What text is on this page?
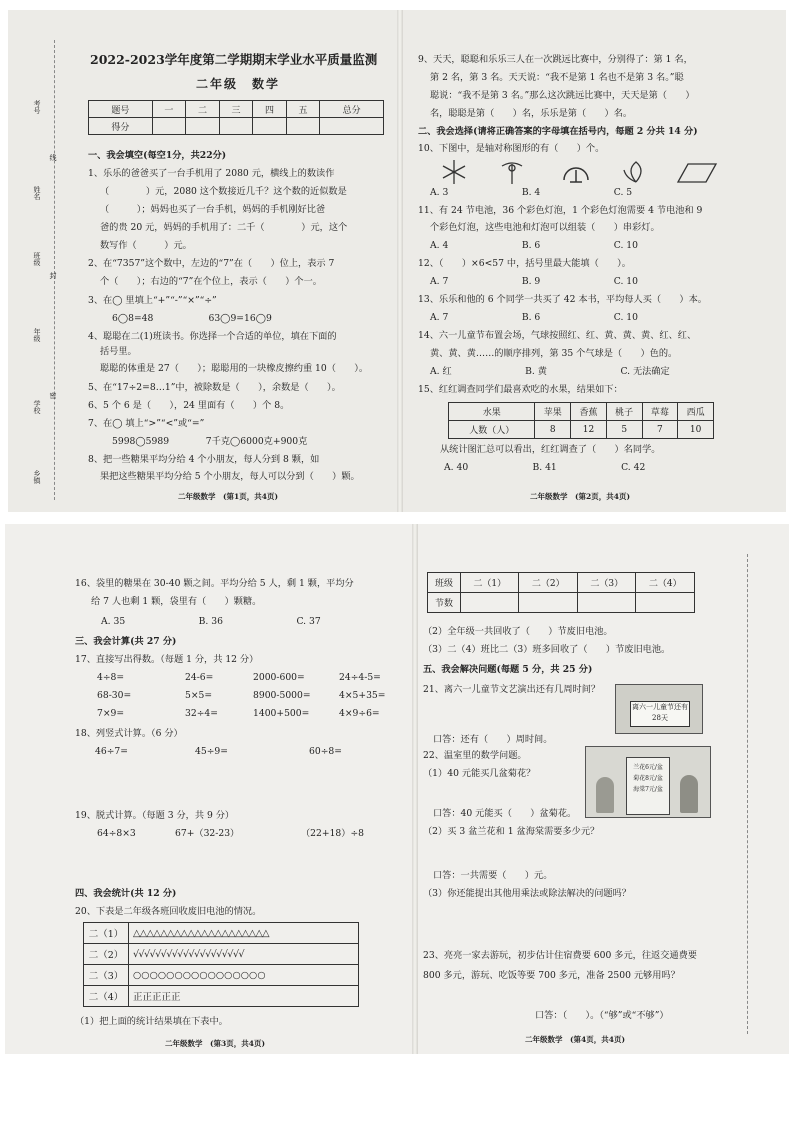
考号
姓名
班级
年级
学校
乡镇
线
封
密
2022-2023学年度第二学期期末学业水平质量监测
二年级　数学
题号	一	二	三	四	五	总分
得分						
一、我会填空(每空1分，共22分)
1、乐乐的爸爸买了一台手机用了 2080 元，横线上的数读作
（　　　　）元，2080 这个数接近几千？这个数的近似数是
（　　　）；妈妈也买了一台手机，妈妈的手机刚好比爸
爸的贵 20 元，妈妈的手机用了：二千（　　　　）元，这个
数写作（　　　）元。
2、在“7357”这个数中，左边的“7”在（　　）位上，表示 7
个（　　）；右边的“7”在个位上，表示（　　）个一。
3、在◯ 里填上“+”“-”“×”“÷”
6◯8=48　　　　　　63◯9=16◯9
4、聪聪在二(1)班读书。你选择一个合适的单位，填在下面的
括号里。
聪聪的体重是 27（　　）；聪聪用的一块橡皮擦约重 10（　　）。
5、在“17÷2=8…1”中，被除数是（　　），余数是（　　）。
6、5 个 6 是（　　），24 里面有（　　）个 8。
7、在◯ 填上“>”“<”或“=”
5998◯5989　　　　7千克◯6000克+900克
8、把一些糖果平均分给 4 个小朋友，每人分到 8 颗，如
果把这些糖果平均分给 5 个小朋友，每人可以分到（　　）颗。
二年级数学　(第1页，共4页)
9、天天，聪聪和乐乐三人在一次跳远比赛中，分别得了：第 1 名，
第 2 名，第 3 名。天天说：“我不是第 1 名也不是第 3 名。”聪
聪说：“我不是第 3 名。”那么这次跳远比赛中，天天是第（　　）
名，聪聪是第（　　）名，乐乐是第（　　）名。
二、我会选择(请将正确答案的字母填在括号内，每题 2 分共 14 分)
10、下图中，是轴对称图形的有（　　）个。
A. 3　　　　　　　　B. 4　　　　　　　　C. 5
11、有 24 节电池，36 个彩色灯泡，1 个彩色灯泡需要 4 节电池和 9
个彩色灯泡，这些电池和灯泡可以组装（　　）串彩灯。
A. 4　　　　　　　　B. 6　　　　　　　　C. 10
12、（　　）×6<57 中，括号里最大能填（　　）。
A. 7　　　　　　　　B. 9　　　　　　　　C. 10
13、乐乐和他的 6 个同学一共买了 42 本书，平均每人买（　　）本。
A. 7　　　　　　　　B. 6　　　　　　　　C. 10
14、六一儿童节布置会场，气球按照红、红、黄、黄、黄、红、红、
黄、黄、黄……的顺序排列，第 35 个气球是（　　）色的。
A. 红　　　　　　　　B. 黄　　　　　　　　C. 无法确定
15、红红调查同学们最喜欢吃的水果，结果如下：
水果	苹果	香蕉	桃子	草莓	西瓜
人数（人）	8	12	5	7	10
从统计图汇总可以看出，红红调查了（　　）名同学。
A. 40　　　　　　　B. 41　　　　　　　C. 42
二年级数学　(第2页，共4页)
16、袋里的糖果在 30-40 颗之间。平均分给 5 人，剩 1 颗，平均分
给 7 人也剩 1 颗，袋里有（　　）颗糖。
A. 35　　　　　　　　B. 36　　　　　　　　C. 37
三、我会计算(共 27 分)
17、直接写出得数。（每题 1 分，共 12 分）
4÷8=	24-6=	2000-600=	24÷4-5=
68-30=	5×5=	8900-5000=	4×5+35=
7×9=	32÷4=	1400+500=	4×9÷6=
18、列竖式计算。（6 分）
46÷7=	45÷9=	60÷8=
19、脱式计算。（每题 3 分，共 9 分）
64÷8×3	67+（32-23）	（22+18）÷8
四、我会统计(共 12 分)
20、下表是二年级各班回收废旧电池的情况。
二（1）	△△△△△△△△△△△△△△△△△△△△
二（2）	√√√√√√√√√√√√√√√√√√√√
二（3）	○○○○○○○○○○○○○○○○
二（4）	正正正正正
（1）把上面的统计结果填在下表中。
二年级数学　(第3页，共4页)
班级	二（1）	二（2）	二（3）	二（4）
节数				
（2）全年级一共回收了（　　）节废旧电池。
（3）二（4）班比二（3）班多回收了（　　）节废旧电池。
五、我会解决问题(每题 5 分，共 25 分)
21、离六一儿童节文艺演出还有几周时间？
离六一儿童节还有28天
口答：还有（　　）周时间。
22、温室里的数学问题。
（1）40 元能买几盆菊花？
兰花6元/盆
菊花8元/盆
海棠7元/盆
口答：40 元能买（　　）盆菊花。
（2）买 3 盆兰花和 1 盆海棠需要多少元？
口答：一共需要（　　）元。
（3）你还能提出其他用乘法或除法解决的问题吗？
23、亮亮一家去游玩，初步估计住宿费要 600 多元，往返交通费要
800 多元，游玩、吃饭等要 700 多元，准备 2500 元够用吗？
口答：（　　）。（“够”或“不够”）
二年级数学　(第4页，共4页)
